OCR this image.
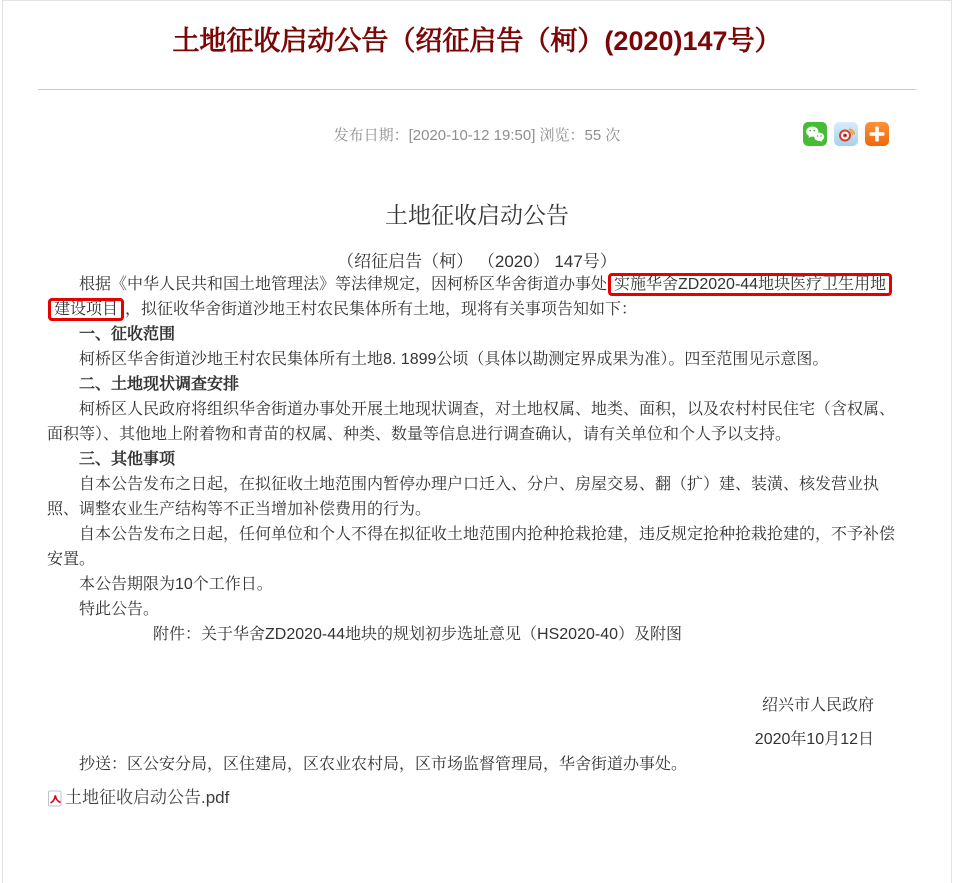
土地征收启动公告（绍征启告（柯）(2020)147号）
发布日期：[2020-10-12 19:50] 浏览：55 次
土地征收启动公告
（绍征启告（柯） （2020） 147号）

根据《中华人民共和国土地管理法》等法律规定，因柯桥区华舍街道办事处 实施华舍ZD2020-44地块医疗卫生用地建设项目 ，拟征收华舍街道沙地王村农民集体所有土地，现将有关事项告知如下：

一、征收范围

柯桥区华舍街道沙地王村农民集体所有土地8. 1899公顷（具体以勘测定界成果为准）。四至范围见示意图。

二、土地现状调查安排

柯桥区人民政府将组织华舍街道办事处开展土地现状调查，对土地权属、地类、面积，以及农村村民住宅（含权属、面积等）、其他地上附着物和青苗的权属、种类、数量等信息进行调查确认，请有关单位和个人予以支持。

三、其他事项

自本公告发布之日起，在拟征收土地范围内暂停办理户口迁入、分户、房屋交易、翻（扩）建、装潢、核发营业执照、调整农业生产结构等不正当增加补偿费用的行为。

自本公告发布之日起，任何单位和个人不得在拟征收土地范围内抢种抢栽抢建，违反规定抢种抢栽抢建的，不予补偿安置。

本公告期限为10个工作日。

特此公告。

附件：关于华舍ZD2020-44地块的规划初步选址意见（HS2020-40）及附图

绍兴市人民政府

2020年10月12日

抄送：区公安分局，区住建局，区农业农村局，区市场监督管理局，华舍街道办事处。

土地征收启动公告.pdf
